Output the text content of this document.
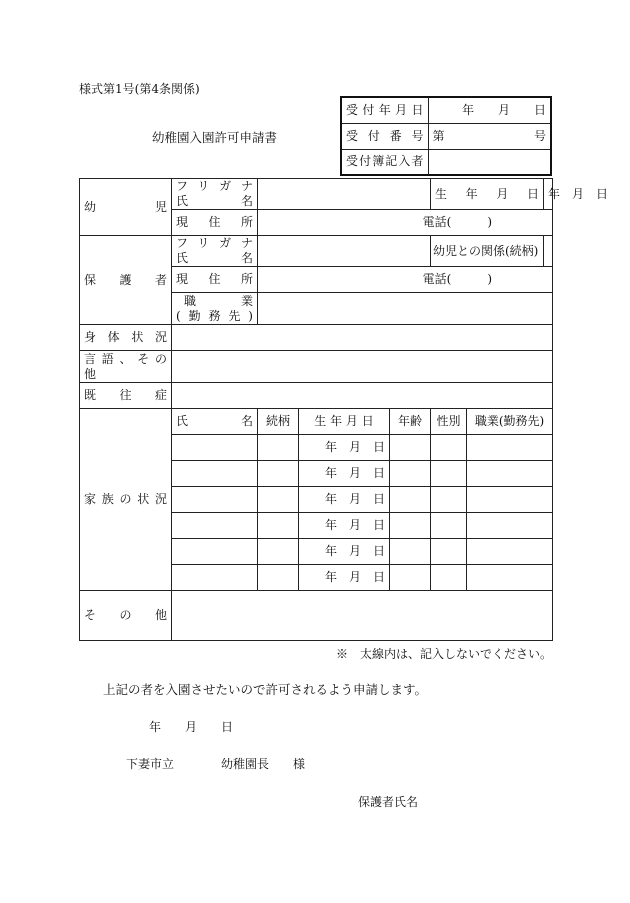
様式第1号(第4条関係)
幼稚園入園許可申請書
受付年月日	年　　月　　日
受付番号	第 号

受付簿記入者	
幼　　　児	フリガナ
氏　　　名				生年月日		年　月　日
	現住所	電話(　　　)					
保　護　者	フリガナ
氏　　　名				幼児との関係(続柄)		
	現住所	電話(　　　)					

	職　　業
(勤務先)						

身体状況							

言語、その
他							

既往症							
家族の状況	氏　　　名	続柄	生 年 月 日	年齢	性別	職業(勤務先)	
			年　月　日				
			年　月　日				
			年　月　日				
			年　月　日				
			年　月　日				
			年　月　日				
そ　の　他							
※　太線内は、記入しないでください。
上記の者を入園させたいので許可されるよう申請します。
年　　月　　日
下妻市立	幼稚園長　　様
保護者氏名
